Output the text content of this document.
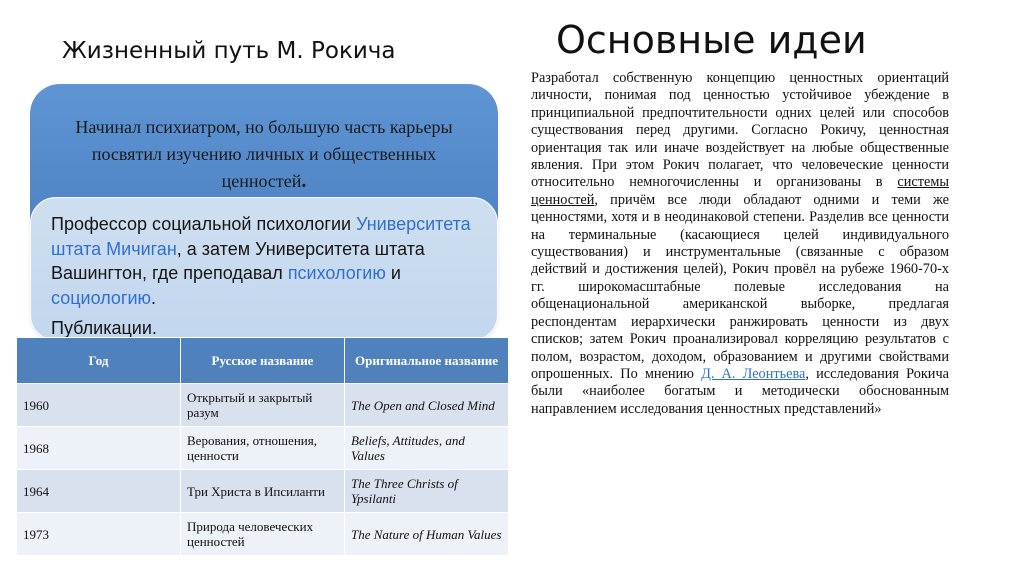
Жизненный путь М. Рокича	Основные идеи
Начинал психиатром, но большую часть карьеры посвятил изучению личных и общественных ценностей.
Профессор социальной психологии Университета штата Мичиган, а затем Университета штата Вашингтон, где преподавал психологию и социологию.
Публикации.
Год	Русское название	Оригинальное название
1960	Открытый и закрытый разум	The Open and Closed Mind
1968	Верования, отношения, ценности	Beliefs, Attitudes, and Values
1964	Три Христа в Ипсиланти	The Three Christs of Ypsilanti
1973	Природа человеческих ценностей	The Nature of Human Values
Разработал собственную концепцию ценностных ориентаций личности, понимая под ценностью устойчивое убеждение в принципиальной предпочтительности одних целей или способов существования перед другими. Согласно Рокичу, ценностная ориентация так или иначе воздействует на любые общественные явления. При этом Рокич полагает, что человеческие ценности относительно немногочисленны и организованы в системы ценностей, причём все люди обладают одними и теми же ценностями, хотя и в неодинаковой степени. Разделив все ценности на терминальные (касающиеся целей индивидуального существования) и инструментальные (связанные с образом действий и достижения целей), Рокич провёл на рубеже 1960-70-х гг. широкомасштабные полевые исследования на общенациональной американской выборке, предлагая респондентам иерархически ранжировать ценности из двух списков; затем Рокич проанализировал корреляцию результатов с полом, возрастом, доходом, образованием и другими свойствами опрошенных. По мнению Д. А. Леонтьева, исследования Рокича были «наиболее богатым и методически обоснованным направлением исследования ценностных представлений»
